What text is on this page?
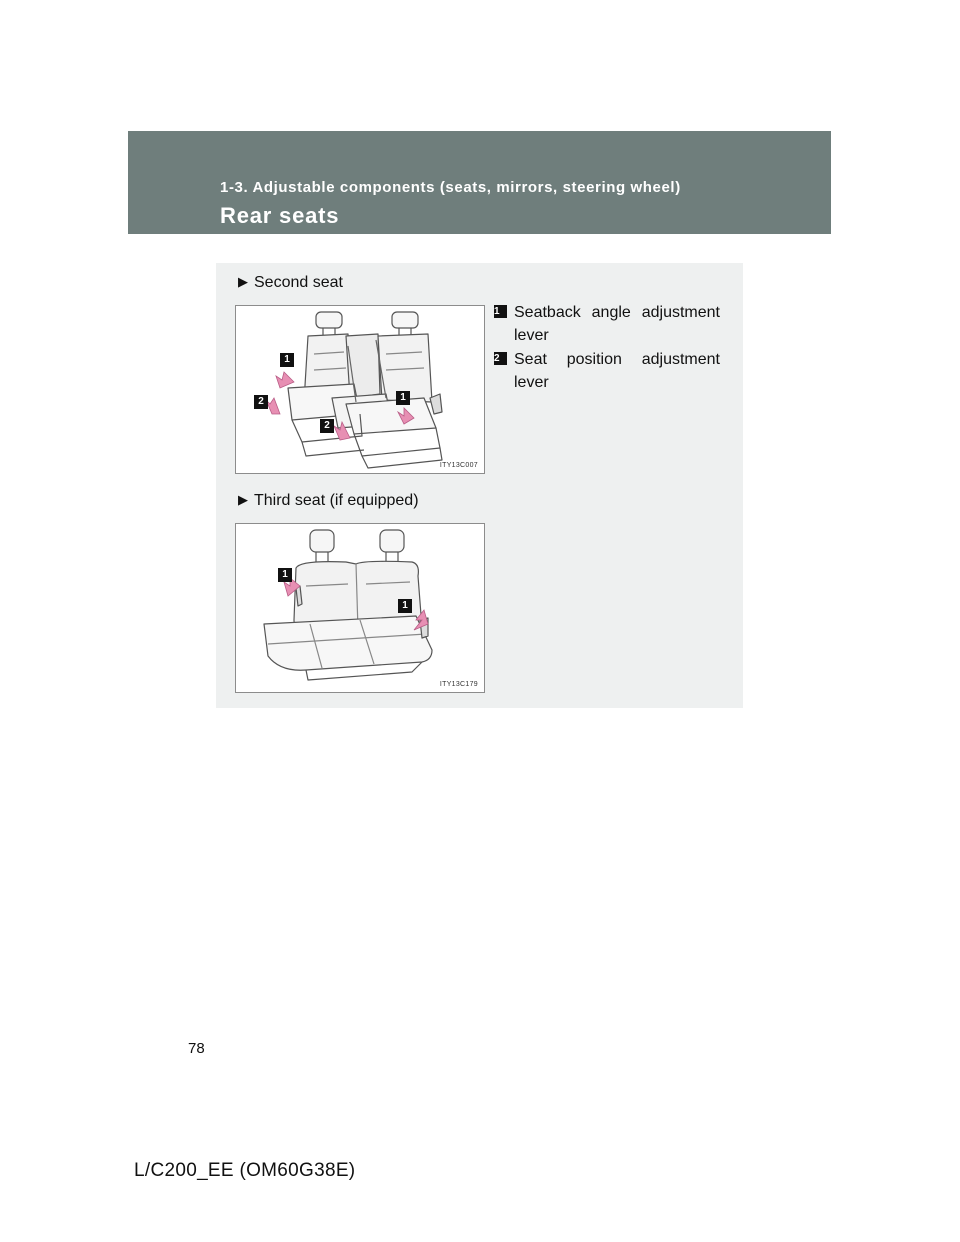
1-3. Adjustable components (seats, mirrors, steering wheel)
Rear seats
▶ Second seat
1
2	1
2
ITY13C007
1 Seatback angle adjustment lever
2 Seat position adjustment lever
▶ Third seat (if equipped)
1
1
ITY13C179
78
L/C200_EE (OM60G38E)
